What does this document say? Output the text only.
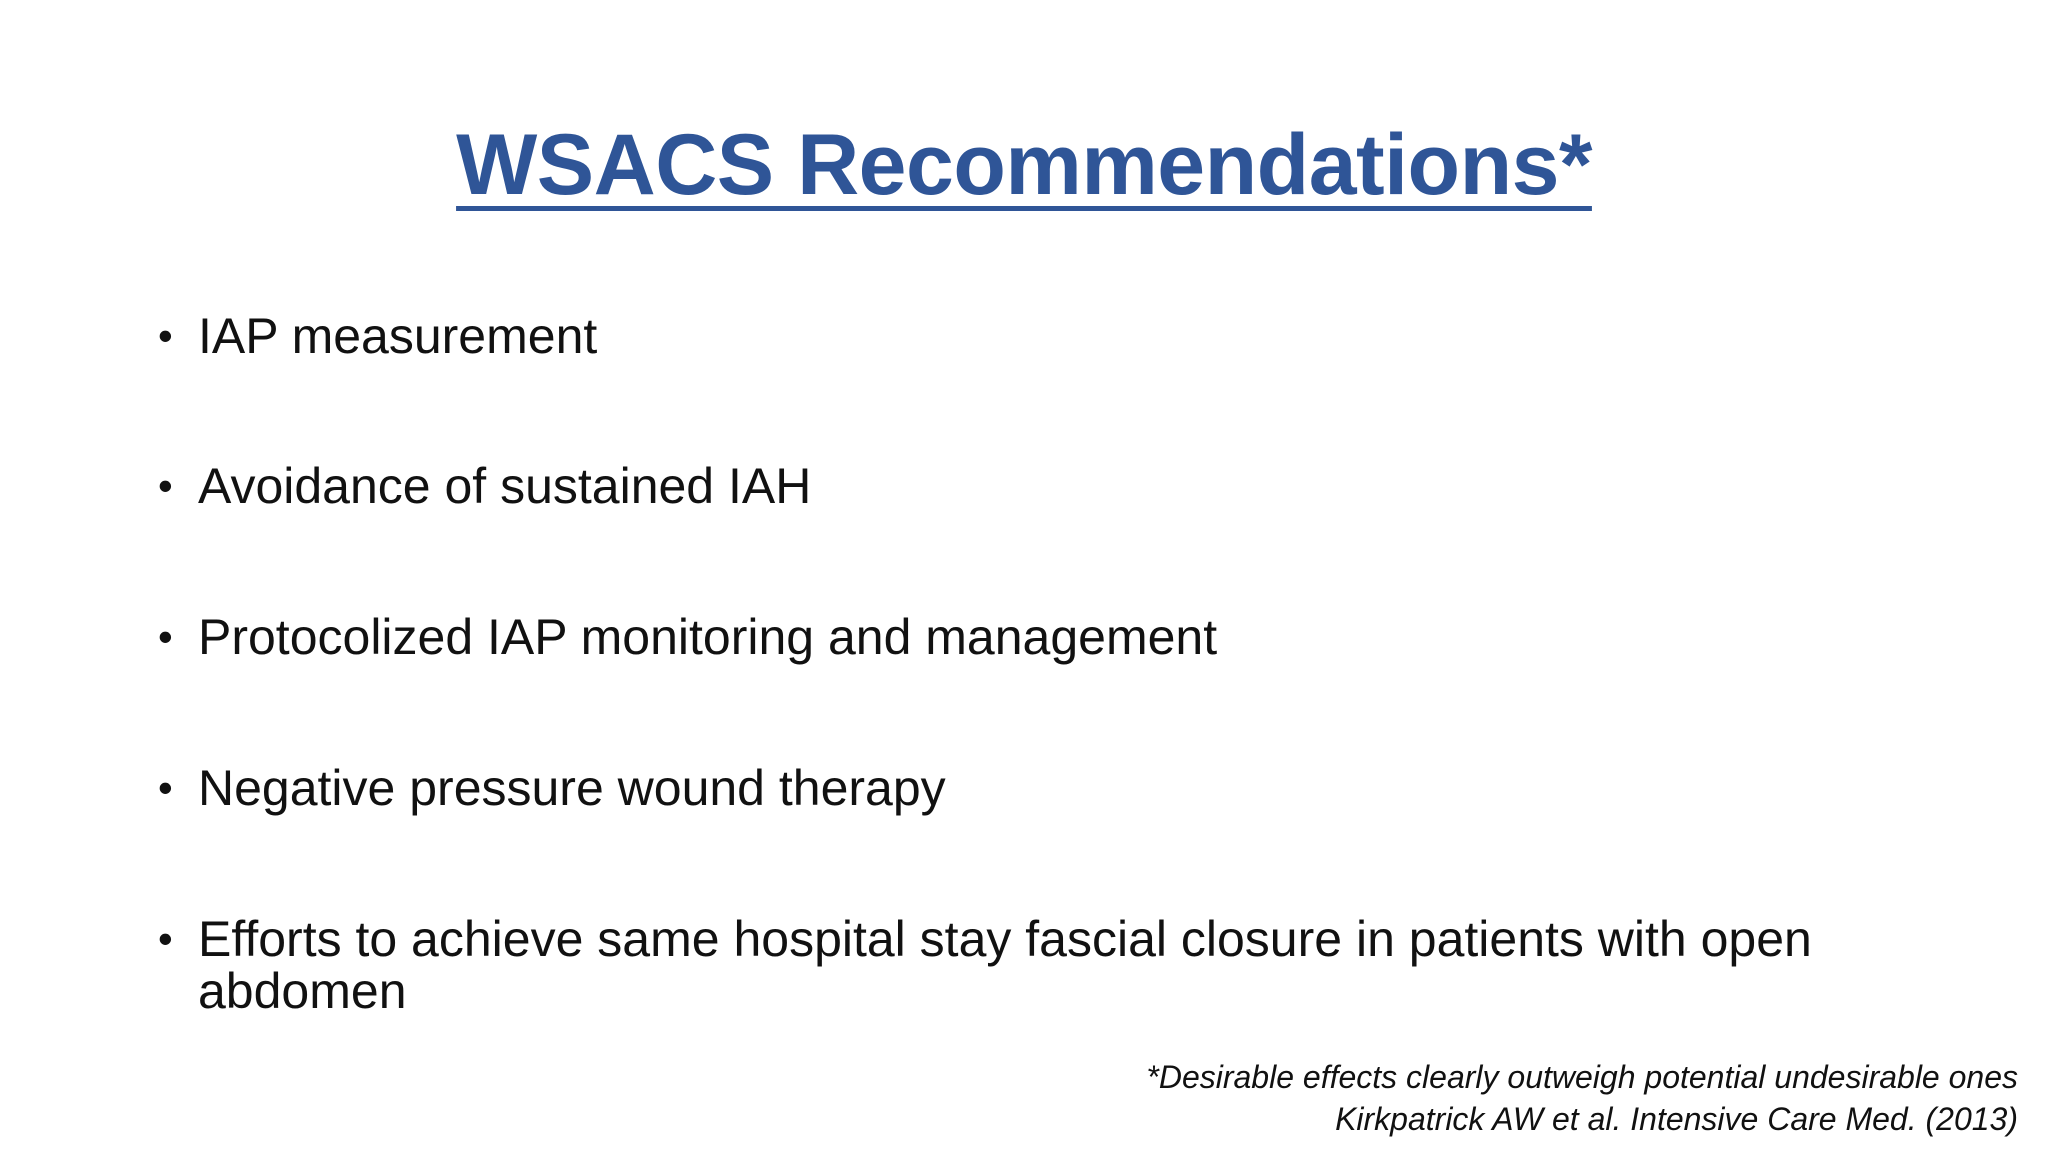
WSACS Recommendations*
• IAP measurement
• Avoidance of sustained IAH
• Protocolized IAP monitoring and management
• Negative pressure wound therapy
• Efforts to achieve same hospital stay fascial closure in patients with open abdomen
*Desirable effects clearly outweigh potential undesirable ones
Kirkpatrick AW et al. Intensive Care Med. (2013)
